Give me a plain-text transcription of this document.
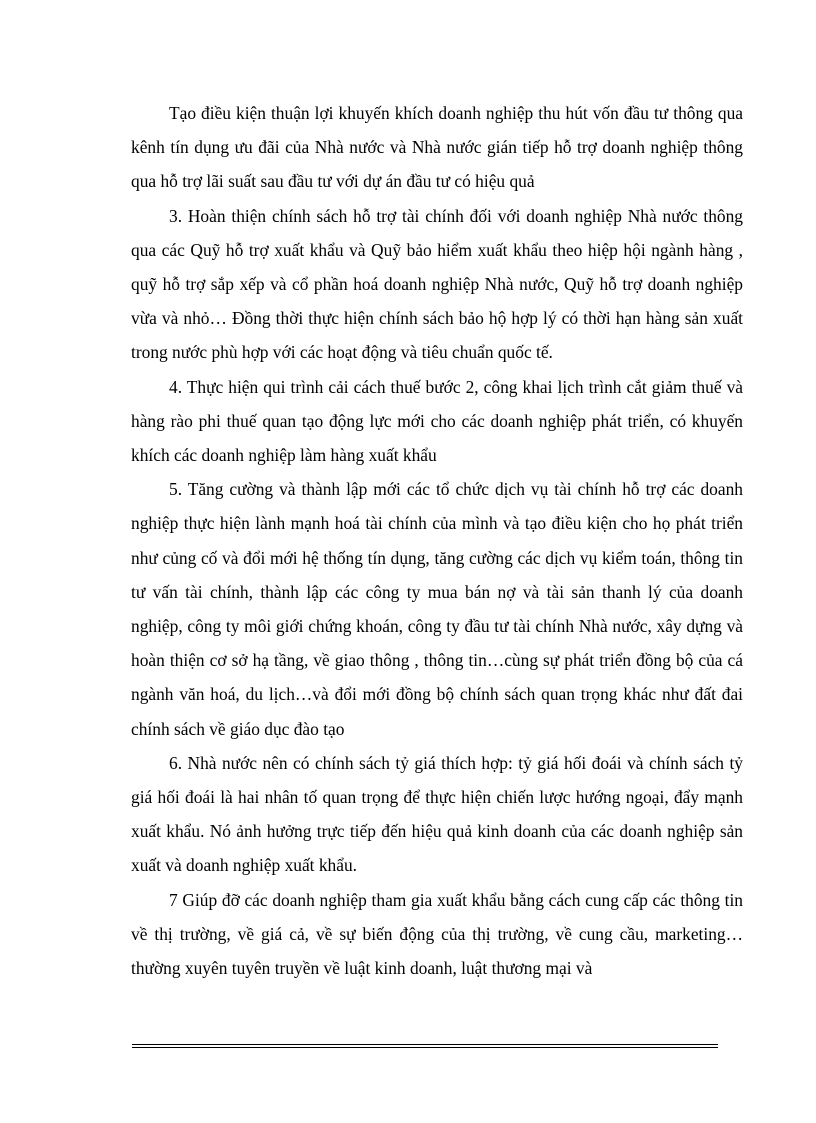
Tạo điều kiện thuận lợi khuyến khích doanh nghiệp thu hút vốn đầu tư thông qua kênh tín dụng ưu đãi của Nhà nước và Nhà nước gián tiếp hỗ trợ doanh nghiệp thông qua hỗ trợ lãi suất sau đầu tư với dự án đầu tư có hiệu quả

3. Hoàn thiện chính sách hỗ trợ tài chính đối với doanh nghiệp Nhà nước thông qua các Quỹ hỗ trợ xuất khẩu và Quỹ bảo hiểm xuất khẩu theo hiệp hội ngành hàng , quỹ hỗ trợ sắp xếp và cổ phần hoá doanh nghiệp Nhà nước, Quỹ hỗ trợ doanh nghiệp vừa và nhỏ… Đồng thời thực hiện chính sách bảo hộ hợp lý có thời hạn hàng sản xuất trong nước phù hợp với các hoạt động và tiêu chuẩn quốc tế.

4. Thực hiện qui trình cải cách thuế bước 2, công khai lịch trình cắt giảm thuế và hàng rào phi thuế quan tạo động lực mới cho các doanh nghiệp phát triển, có khuyến khích các doanh nghiệp làm hàng xuất khẩu

5. Tăng cường và thành lập mới các tổ chức dịch vụ tài chính hỗ trợ các doanh nghiệp thực hiện lành mạnh hoá tài chính của mình và tạo điều kiện cho họ phát triển như củng cố và đổi mới hệ thống tín dụng, tăng cường các dịch vụ kiểm toán, thông tin tư vấn tài chính, thành lập các công ty mua bán nợ và tài sản thanh lý của doanh nghiệp, công ty môi giới chứng khoán, công ty đầu tư tài chính Nhà nước, xây dựng và hoàn thiện cơ sở hạ tầng, về giao thông , thông tin…cùng sự phát triển đồng bộ của cá ngành văn hoá, du lịch…và đổi mới đồng bộ chính sách quan trọng khác như đất đai chính sách về giáo dục đào tạo

6. Nhà nước nên có chính sách tỷ giá thích hợp: tỷ giá hối đoái và chính sách tỷ giá hối đoái là hai nhân tố quan trọng để thực hiện chiến lược hướng ngoại, đẩy mạnh xuất khẩu. Nó ảnh hưởng trực tiếp đến hiệu quả kinh doanh của các doanh nghiệp sản xuất và doanh nghiệp xuất khẩu.

7 Giúp đỡ các doanh nghiệp tham gia xuất khẩu bằng cách cung cấp các thông tin về thị trường, về giá cả, về sự biến động của thị trường, về cung cầu, marketing…thường xuyên tuyên truyền về luật kinh doanh, luật thương mại và
